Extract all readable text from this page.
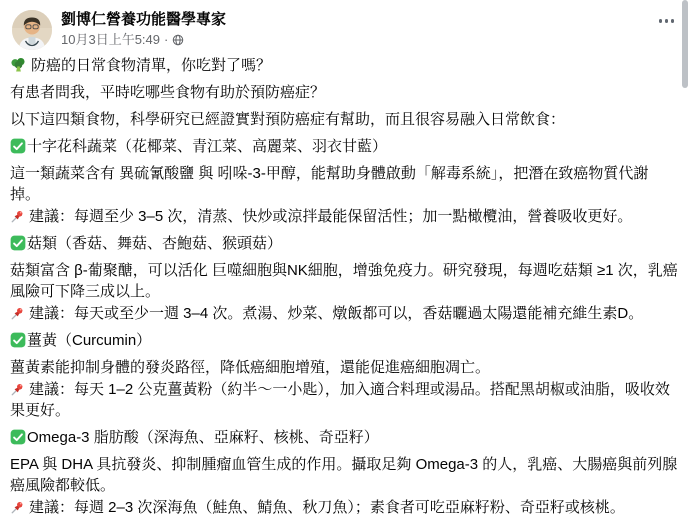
劉博仁營養功能醫學專家
10月3日上午5:49 ·
防癌的日常食物清單，你吃對了嗎？
有患者問我，平時吃哪些食物有助於預防癌症？
以下這四類食物，科學研究已經證實對預防癌症有幫助，而且很容易融入日常飲食：
十字花科蔬菜（花椰菜、青江菜、高麗菜、羽衣甘藍）
這一類蔬菜含有 異硫氰酸鹽 與 吲哚-3-甲醇，能幫助身體啟動「解毒系統」，把潛在致癌物質代謝掉。
建議：每週至少 3–5 次，清蒸、快炒或涼拌最能保留活性；加一點橄欖油，營養吸收更好。
菇類（香菇、舞菇、杏鮑菇、猴頭菇）
菇類富含 β-葡聚醣，可以活化 巨噬細胞與NK細胞，增強免疫力。研究發現，每週吃菇類 ≥1 次，乳癌風險可下降三成以上。
建議：每天或至少一週 3–4 次。煮湯、炒菜、燉飯都可以，香菇曬過太陽還能補充維生素D。
薑黃（Curcumin）
薑黃素能抑制身體的發炎路徑，降低癌細胞增殖，還能促進癌細胞凋亡。
建議：每天 1–2 公克薑黃粉（約半～一小匙），加入適合料理或湯品。搭配黑胡椒或油脂，吸收效果更好。
Omega-3 脂肪酸（深海魚、亞麻籽、核桃、奇亞籽）
EPA 與 DHA 具抗發炎、抑制腫瘤血管生成的作用。攝取足夠 Omega-3 的人，乳癌、大腸癌與前列腺癌風險都較低。
建議：每週 2–3 次深海魚（鮭魚、鯖魚、秋刀魚）；素食者可吃亞麻籽粉、奇亞籽或核桃。
